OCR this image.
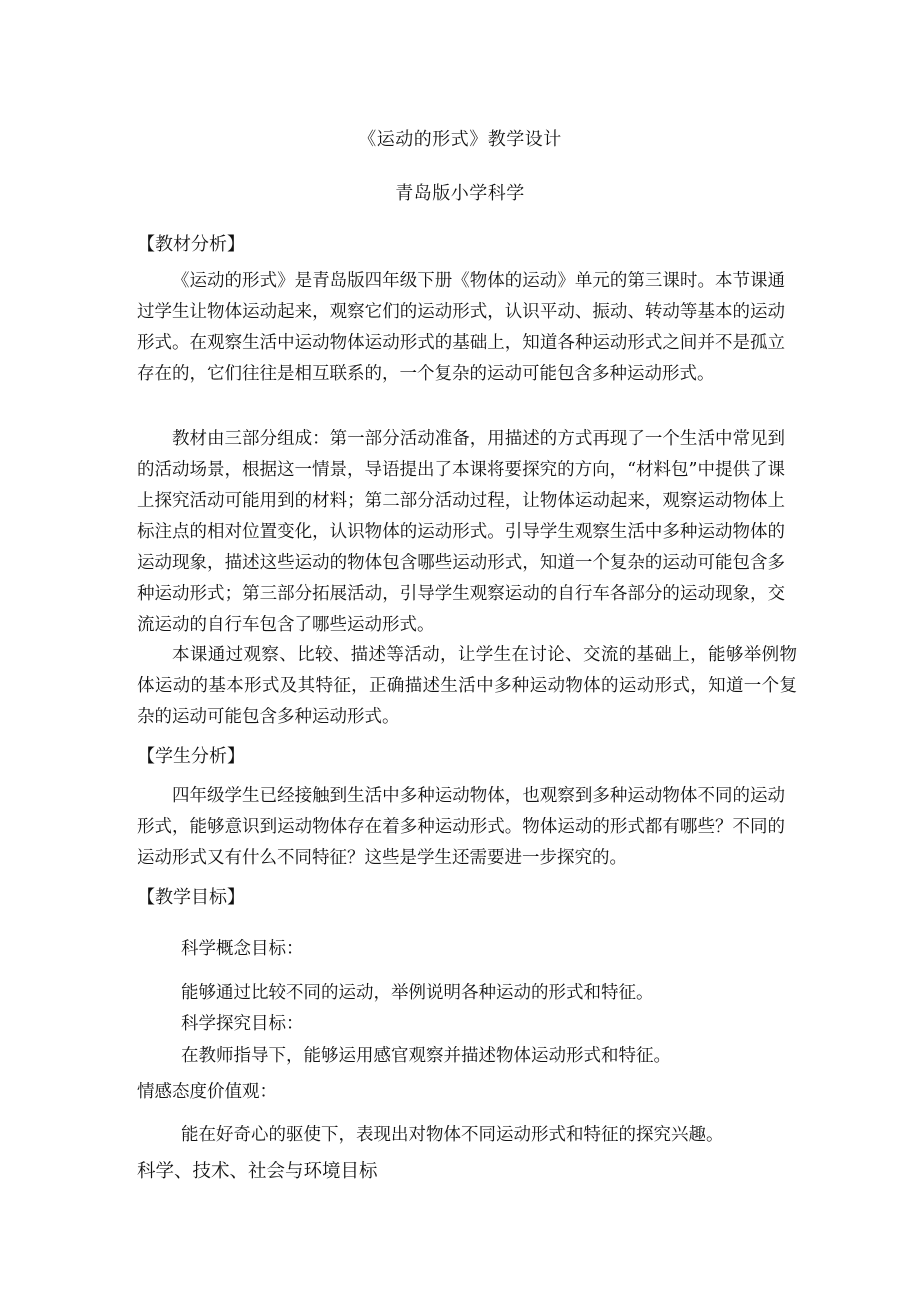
《运动的形式》教学设计
青岛版小学科学
【教材分析】

《运动的形式》是青岛版四年级下册《物体的运动》单元的第三课时。本节课通过学生让物体运动起来，观察它们的运动形式，认识平动、振动、转动等基本的运动形式。在观察生活中运动物体运动形式的基础上，知道各种运动形式之间并不是孤立存在的，它们往往是相互联系的，一个复杂的运动可能包含多种运动形式。

教材由三部分组成：第一部分活动准备，用描述的方式再现了一个生活中常见到的活动场景，根据这一情景，导语提出了本课将要探究的方向，“材料包”中提供了课上探究活动可能用到的材料；第二部分活动过程，让物体运动起来，观察运动物体上标注点的相对位置变化，认识物体的运动形式。引导学生观察生活中多种运动物体的运动现象，描述这些运动的物体包含哪些运动形式，知道一个复杂的运动可能包含多种运动形式；第三部分拓展活动，引导学生观察运动的自行车各部分的运动现象，交流运动的自行车包含了哪些运动形式。

本课通过观察、比较、描述等活动，让学生在讨论、交流的基础上，能够举例物体运动的基本形式及其特征，正确描述生活中多种运动物体的运动形式，知道一个复杂的运动可能包含多种运动形式。

【学生分析】

四年级学生已经接触到生活中多种运动物体，也观察到多种运动物体不同的运动形式，能够意识到运动物体存在着多种运动形式。物体运动的形式都有哪些？不同的运动形式又有什么不同特征？这些是学生还需要进一步探究的。

【教学目标】
科学概念目标：
能够通过比较不同的运动，举例说明各种运动的形式和特征。
科学探究目标：
在教师指导下，能够运用感官观察并描述物体运动形式和特征。
情感态度价值观：
能在好奇心的驱使下，表现出对物体不同运动形式和特征的探究兴趣。
科学、技术、社会与环境目标
